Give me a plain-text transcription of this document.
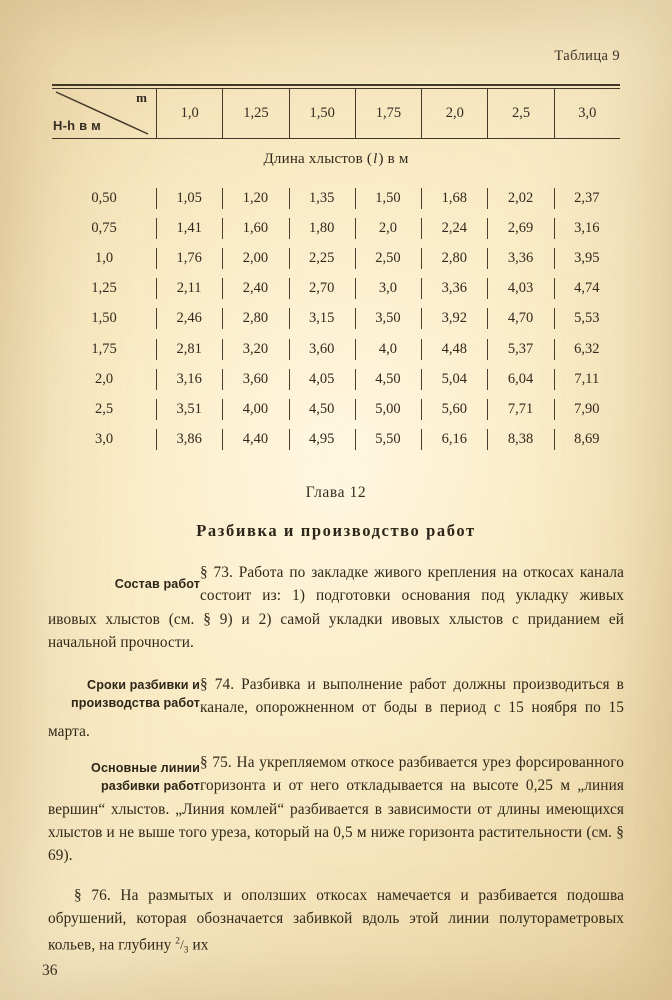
Таблица 9
m
H-h в м
1,0	1,25	1,50	1,75	2,0	2,5	3,0
Длина хлыстов ( l ) в м
0,50	1,05	1,20	1,35	1,50	1,68	2,02	2,37
0,75	1,41	1,60	1,80	2,0	2,24	2,69	3,16
1,0	1,76	2,00	2,25	2,50	2,80	3,36	3,95
1,25	2,11	2,40	2,70	3,0	3,36	4,03	4,74
1,50	2,46	2,80	3,15	3,50	3,92	4,70	5,53
1,75	2,81	3,20	3,60	4,0	4,48	5,37	6,32
2,0	3,16	3,60	4,05	4,50	5,04	6,04	7,11
2,5	3,51	4,00	4,50	5,00	5,60	7,71	7,90
3,0	3,86	4,40	4,95	5,50	6,16	8,38	8,69
Глава 12
Разбивка и производство работ
Состав работ

§ 73. Работа по закладке живого крепления на откосах канала состоит из: 1) подготовки основания под укладку живых ивовых хлыстов (см. § 9) и 2) самой укладки ивовых хлыстов с приданием ей начальной прочности.

Сроки разбивки и производства работ

§ 74. Разбивка и выполнение работ должны производиться в канале, опорожненном от боды в период с 15 ноября по 15 марта.

Основные линии разбивки работ

§ 75. На укрепляемом откосе разбивается урез форсированного горизонта и от него откладывается на высоте 0,25 м „линия вершин“ хлыстов. „Линия комлей“ разбивается в зависимости от длины имеющихся хлыстов и не выше того уреза, который на 0,5 м ниже горизонта растительности (см. § 69).

§ 76. На размытых и оползших откосах намечается и разбивается подошва обрушений, которая обозначается забивкой вдоль этой линии полутораметровых кольев, на глубину $^2/_3$ их

36
